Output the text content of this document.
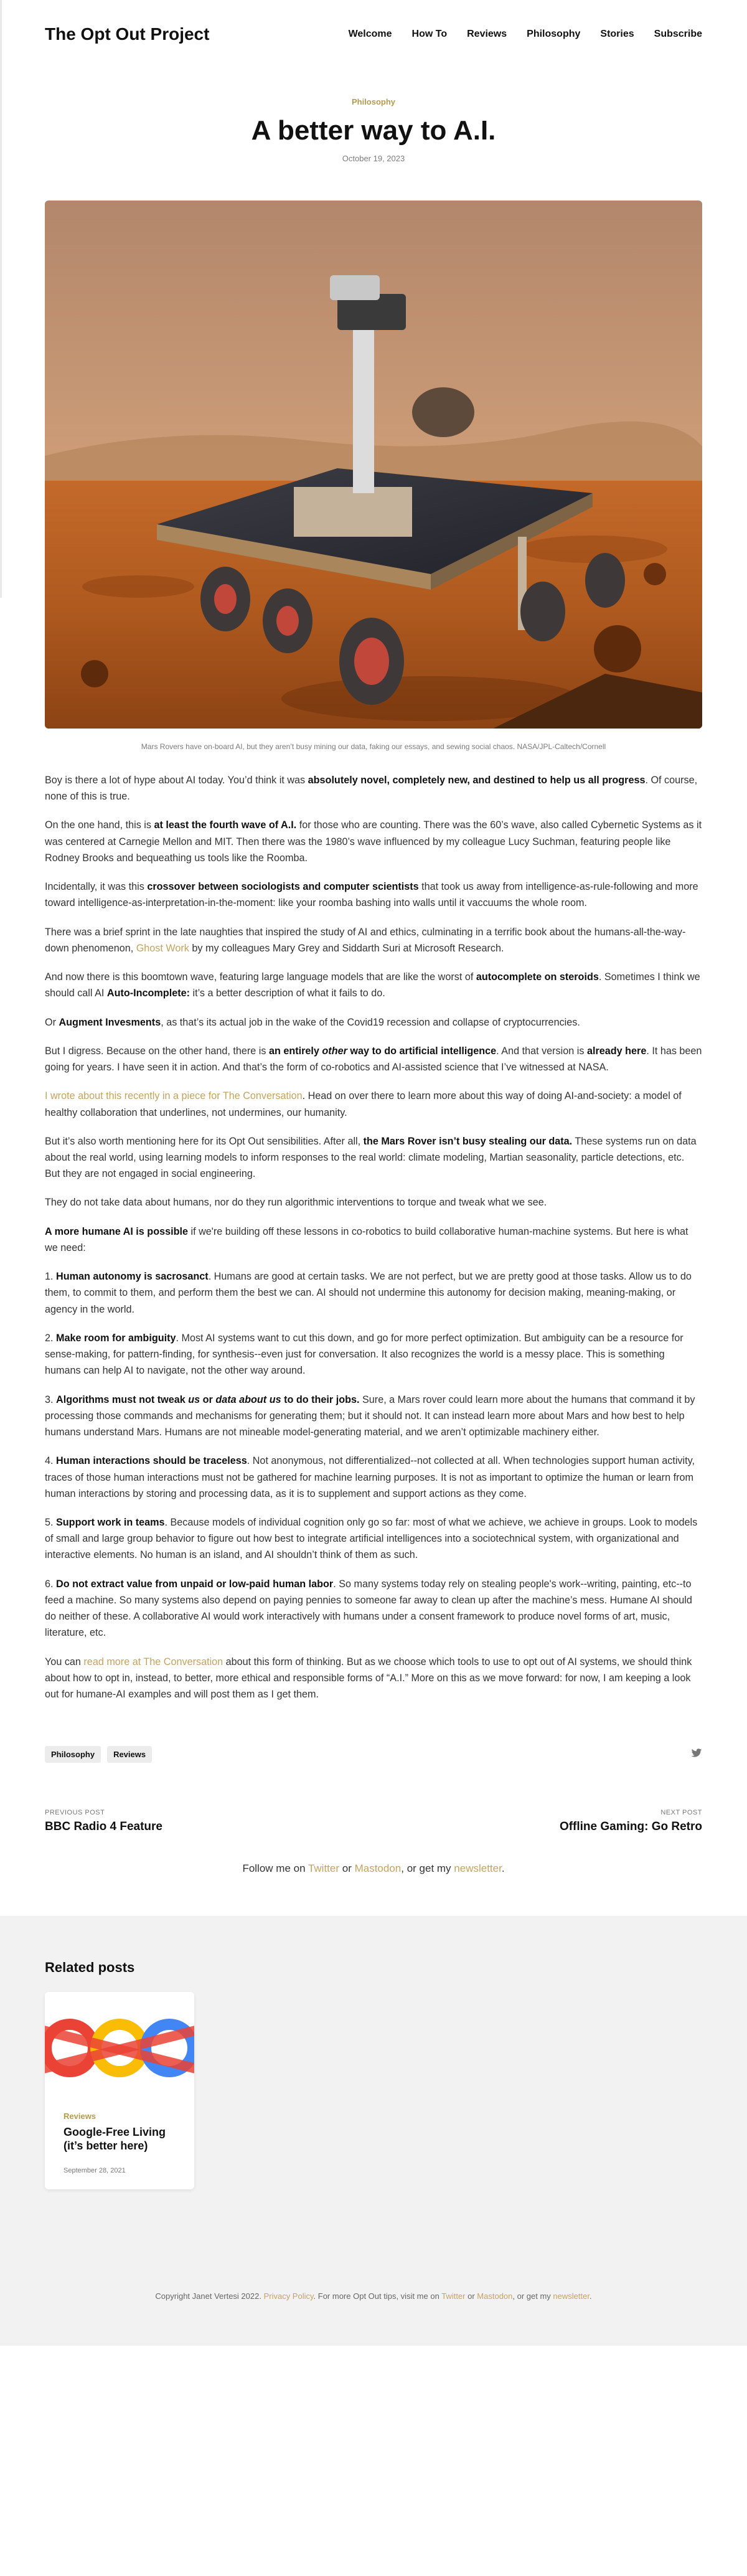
The Opt Out Project	Welcome How To Reviews Philosophy Stories Subscribe
Philosophy
A better way to A.I.
October 19, 2023
Mars Rovers have on-board AI, but they aren’t busy mining our data, faking our essays, and sewing social chaos. NASA/JPL-Caltech/Cornell

Boy is there a lot of hype about AI today. You’d think it was absolutely novel, completely new, and destined to help us all progress. Of course, none of this is true.

On the one hand, this is at least the fourth wave of A.I. for those who are counting. There was the 60’s wave, also called Cybernetic Systems as it was centered at Carnegie Mellon and MIT. Then there was the 1980’s wave influenced by my colleague Lucy Suchman, featuring people like Rodney Brooks and bequeathing us tools like the Roomba.

Incidentally, it was this crossover between sociologists and computer scientists that took us away from intelligence-as-rule-following and more toward intelligence-as-interpretation-in-the-moment: like your roomba bashing into walls until it vaccuums the whole room.

There was a brief sprint in the late naughties that inspired the study of AI and ethics, culminating in a terrific book about the humans-all-the-way-down phenomenon, Ghost Work by my colleagues Mary Grey and Siddarth Suri at Microsoft Research.

And now there is this boomtown wave, featuring large language models that are like the worst of autocomplete on steroids. Sometimes I think we should call AI Auto-Incomplete: it’s a better description of what it fails to do.

Or Augment Invesments, as that’s its actual job in the wake of the Covid19 recession and collapse of cryptocurrencies.

But I digress. Because on the other hand, there is an entirely other way to do artificial intelligence. And that version is already here. It has been going for years. I have seen it in action. And that’s the form of co-robotics and AI-assisted science that I’ve witnessed at NASA.

I wrote about this recently in a piece for The Conversation. Head on over there to learn more about this way of doing AI-and-society: a model of healthy collaboration that underlines, not undermines, our humanity.

But it’s also worth mentioning here for its Opt Out sensibilities. After all, the Mars Rover isn’t busy stealing our data. These systems run on data about the real world, using learning models to inform responses to the real world: climate modeling, Martian seasonality, particle detections, etc. But they are not engaged in social engineering.

They do not take data about humans, nor do they run algorithmic interventions to torque and tweak what we see.

A more humane AI is possible if we're building off these lessons in co-robotics to build collaborative human-machine systems. But here is what we need:

1. Human autonomy is sacrosanct. Humans are good at certain tasks. We are not perfect, but we are pretty good at those tasks. Allow us to do them, to commit to them, and perform them the best we can. AI should not undermine this autonomy for decision making, meaning-making, or agency in the world.

2. Make room for ambiguity. Most AI systems want to cut this down, and go for more perfect optimization. But ambiguity can be a resource for sense-making, for pattern-finding, for synthesis--even just for conversation. It also recognizes the world is a messy place. This is something humans can help AI to navigate, not the other way around.

3. Algorithms must not tweak us or data about us to do their jobs. Sure, a Mars rover could learn more about the humans that command it by processing those commands and mechanisms for generating them; but it should not. It can instead learn more about Mars and how best to help humans understand Mars. Humans are not mineable model-generating material, and we aren’t optimizable machinery either.

4. Human interactions should be traceless. Not anonymous, not differentialized--not collected at all. When technologies support human activity, traces of those human interactions must not be gathered for machine learning purposes. It is not as important to optimize the human or learn from human interactions by storing and processing data, as it is to supplement and support actions as they come.

5. Support work in teams. Because models of individual cognition only go so far: most of what we achieve, we achieve in groups. Look to models of small and large group behavior to figure out how best to integrate artificial intelligences into a sociotechnical system, with organizational and interactive elements. No human is an island, and AI shouldn’t think of them as such.

6. Do not extract value from unpaid or low-paid human labor. So many systems today rely on stealing people's work--writing, painting, etc--to feed a machine. So many systems also depend on paying pennies to someone far away to clean up after the machine’s mess. Humane AI should do neither of these. A collaborative AI would work interactively with humans under a consent framework to produce novel forms of art, music, literature, etc.

You can read more at The Conversation about this form of thinking. But as we choose which tools to use to opt out of AI systems, we should think about how to opt in, instead, to better, more ethical and responsible forms of “A.I.” More on this as we move forward: for now, I am keeping a look out for humane-AI examples and will post them as I get them.

Philosophy	Reviews
PREVIOUS POST
BBC Radio 4 Feature
NEXT POST
Offline Gaming: Go Retro
Follow me on Twitter or Mastodon, or get my newsletter.
Related posts
Reviews
Google-Free Living (it’s better here)
September 28, 2021
Copyright Janet Vertesi 2022. Privacy Policy. For more Opt Out tips, visit me on Twitter or Mastodon, or get my newsletter.
